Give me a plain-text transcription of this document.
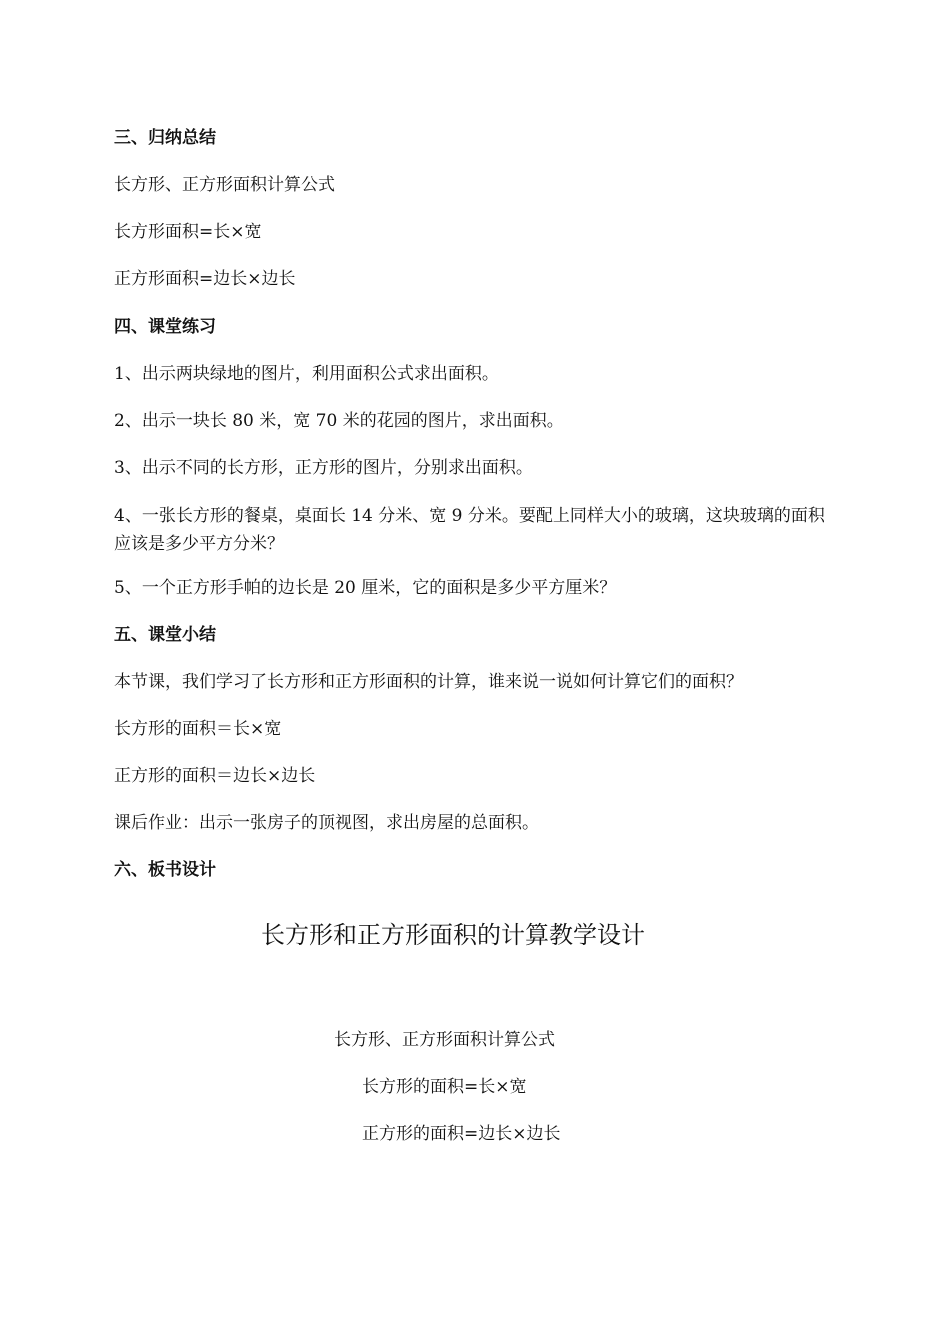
三、归纳总结
长方形、正方形面积计算公式
长方形面积=长×宽
正方形面积=边长×边长
四、课堂练习
1、出示两块绿地的图片，利用面积公式求出面积。
2、出示一块长 80 米，宽 70 米的花园的图片，求出面积。
3、出示不同的长方形，正方形的图片，分别求出面积。
4、一张长方形的餐桌，桌面长 14 分米、宽 9 分米。要配上同样大小的玻璃，这块玻璃的面积应该是多少平方分米？
5、一个正方形手帕的边长是 20 厘米，它的面积是多少平方厘米？
五、课堂小结
本节课，我们学习了长方形和正方形面积的计算，谁来说一说如何计算它们的面积？
长方形的面积＝长×宽
正方形的面积＝边长×边长
课后作业：出示一张房子的顶视图，求出房屋的总面积。
六、板书设计
长方形和正方形面积的计算教学设计
长方形、正方形面积计算公式
长方形的面积=长×宽
正方形的面积=边长×边长
